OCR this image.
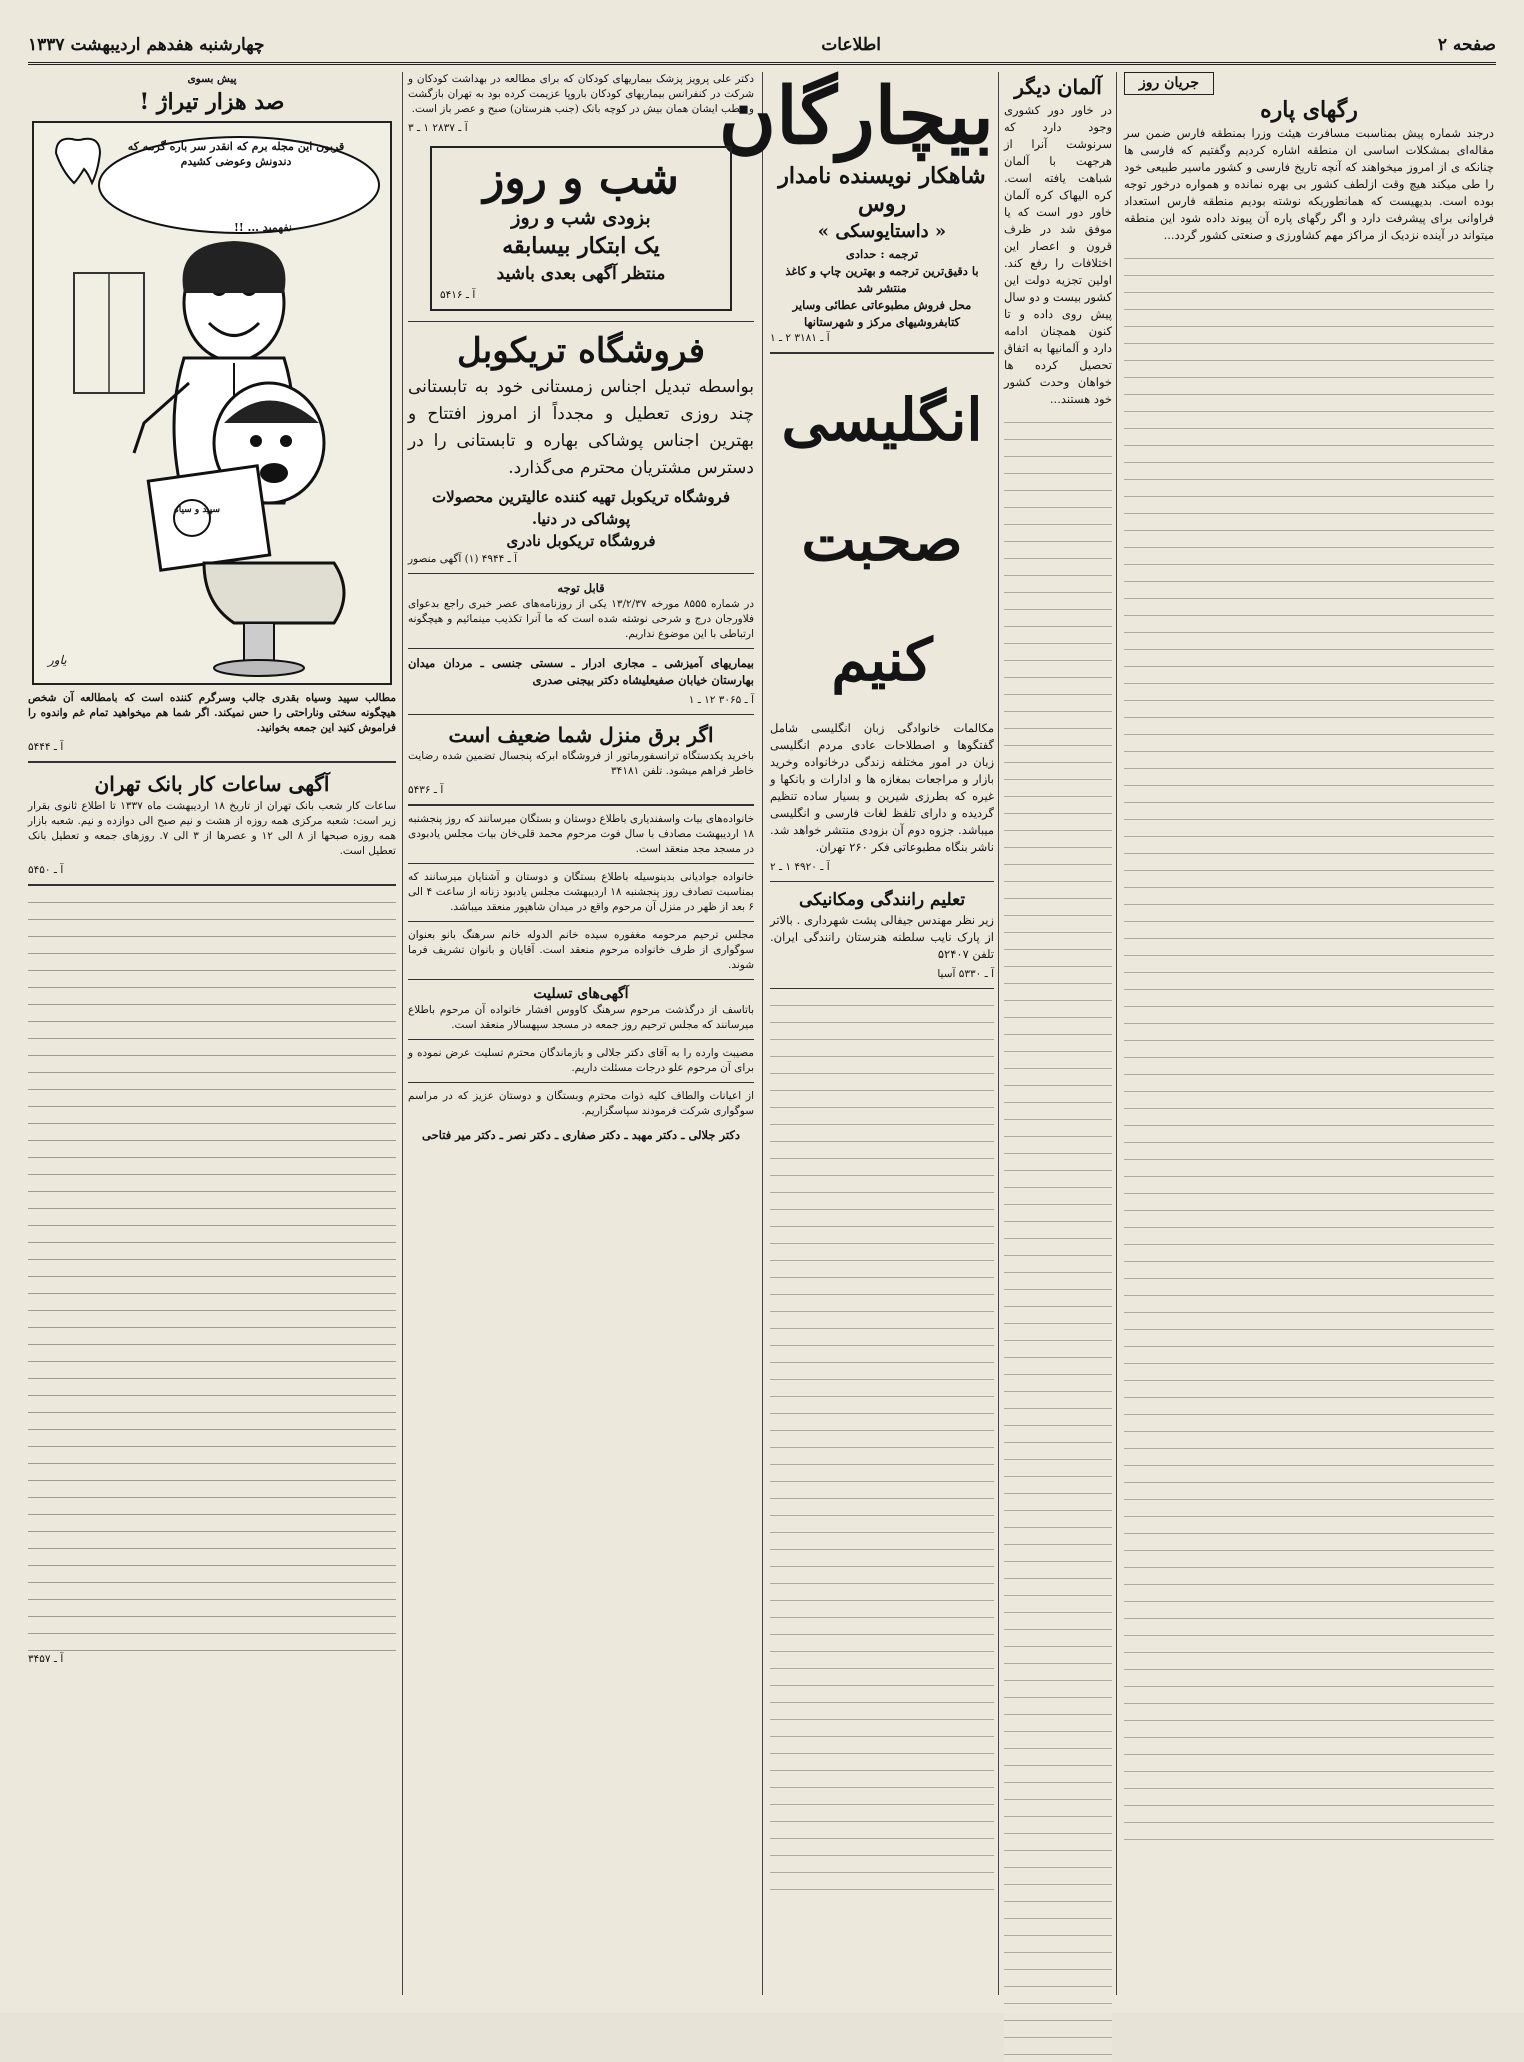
صفحه ۲
اطلاعات
چهارشنبه هفدهم اردیبهشت ۱۳۳۷
جریان روز
رگهای پاره

درجند شماره پیش بمناسبت مسافرت هیئت وزرا بمنطقه فارس ضمن سر مقاله‌ای بمشکلات اساسی ان منطقه اشاره کردیم وگفتیم که فارسی ها چنانکه ی از امروز میخواهند که آنچه تاریخ فارسی و کشور ماسیر طبیعی خود را طی میکند هیچ وقت ازلطف کشور بی بهره نمانده و همواره درخور توجه بوده است. بدیهیست که همانطوریکه نوشته بودیم منطقه فارس استعداد فراوانی برای پیشرفت دارد و اگر رگهای پاره آن پیوند داده شود این منطقه میتواند در آینده نزدیک از مراکز مهم کشاورزی و صنعتی کشور گردد...

آلمان دیگر

در خاور دور کشوری وجود دارد که سرنوشت آنرا از هرجهت با آلمان شباهت یافته است. کره الیهاک کره آلمان خاور دور است که یا موفق شد در ظرف قرون و اعصار این اختلافات را رفع کند. اولین تجزیه دولت این کشور بیست و دو سال پیش روی داده و تا کنون همچنان ادامه دارد و آلمانیها به اتفاق تحصیل کرده ها خواهان وحدت کشور خود هستند...

بیچارگان
شاهکار نویسنده نامدار روس
« داستایوسکی »
ترجمه : حدادی
با دقیق‌ترین ترجمه و بهترین چاپ و کاغذ منتشر شد
محل فروش مطبوعاتی عطائی وسایر کتابفروشیهای مرکز و شهرستانها
آ ـ ۳۱۸۱ ۲ ـ ۱
انگلیسی صحبت کنیم

مکالمات خانوادگی زبان انگلیسی شامل گفتگوها و اصطلاحات عادی مردم انگلیسی زبان در امور مختلفه زندگی درخانواده وخرید بازار و مراجعات بمغازه ها و ادارات و بانکها و غیره که بطرزی شیرین و بسیار ساده تنظیم گردیده و دارای تلفظ لغات فارسی و انگلیسی میباشد. جزوه دوم آن بزودی منتشر خواهد شد. ناشر بنگاه مطبوعاتی فکر ۲۶۰ تهران.

آ ـ ۴۹۲۰ ۱ ـ ۲
تعلیم رانندگی ومکانیکی

زیر نظر مهندس جیفالی پشت شهرداری . بالاتر از پارک نایب سلطنه هنرستان رانندگی ایران. تلفن ۵۲۴۰۷

آ ـ ۵۳۳۰ آسیا

دکتر علی پرویز پزشک بیماریهای کودکان که برای مطالعه در بهداشت کودکان و شرکت در کنفرانس بیماریهای کودکان باروپا عزیمت کرده بود به تهران بازگشت و مطب ایشان همان بیش در کوچه بانک (جنب هنرستان) صبح و عصر باز است.

آ ـ ۲۸۳۷ ۱ ـ ۳
شب و روز
بزودی شب و روز
یک ابتکار بیسابقه
منتظر آگهی بعدی باشید
آ ـ ۵۴۱۶
فروشگاه تریکوبل

بواسطه تبدیل اجناس زمستانی خود به تابستانی چند روزی تعطیل و مجدداً از امروز افتتاح و بهترین اجناس پوشاکی بهاره و تابستانی را در دسترس مشتریان محترم می‌گذارد.

فروشگاه تریکوبل تهیه کننده عالیترین محصولات پوشاکی در دنیا.
فروشگاه تریکوبل نادری
آ ـ ۴۹۴۴ (۱) آگهی منصور
قابل توجه

در شماره ۸۵۵۵ مورخه ۱۳/۲/۳۷ یکی از روزنامه‌های عصر خبری راجع بدعوای فلاورجان درج و شرحی نوشته شده است که ما آنرا تکذیب مینمائیم و هیچگونه ارتباطی با این موضوع نداریم.

بیماریهای آمیزشی ـ مجاری ادرار ـ سستی جنسی ـ مردان میدان بهارستان خیابان صفیعلیشاه دکتر بیجنی صدری

آ ـ ۳۰۶۵ ۱۲ ـ ۱
اگر برق منزل شما ضعیف است

باخرید یکدستگاه ترانسفورماتور از فروشگاه ابرکه پنجسال تضمین شده رضایت خاطر فراهم میشود. تلفن ۳۴۱۸۱

آ ـ ۵۴۳۶

خانواده‌های بیات واسفندیاری باطلاع دوستان و بستگان میرسانند که روز پنجشنبه ۱۸ اردیبهشت مصادف با سال فوت مرحوم محمد قلی‌خان بیات مجلس یادبودی در مسجد مجد منعقد است.

خانواده جوادیانی بدینوسیله باطلاع بستگان و دوستان و آشنایان میرسانند که بمناسبت تصادف روز پنجشنبه ۱۸ اردیبهشت مجلس یادبود زنانه از ساعت ۴ الی ۶ بعد از ظهر در منزل آن مرحوم واقع در میدان شاهپور منعقد میباشد.

مجلس ترحیم مرحومه مغفوره سیده خانم الدوله خانم سرهنگ بانو بعنوان سوگواری از طرف خانواده مرحوم منعقد است. آقایان و بانوان تشریف فرما شوند.

آگهی‌های تسلیت

باتاسف از درگذشت مرحوم سرهنگ کاووس افشار خانواده آن مرحوم باطلاع میرسانند که مجلس ترحیم روز جمعه در مسجد سپهسالار منعقد است.

مصیبت وارده را به آقای دکتر جلالی و بازماندگان محترم تسلیت عرض نموده و برای آن مرحوم علو درجات مسئلت داریم.

از اعیانات والطاف کلیه ذوات محترم وبستگان و دوستان عزیز که در مراسم سوگواری شرکت فرمودند سپاسگزاریم.

دکتر جلالی ـ دکتر مهبد ـ دکتر صفاری ـ دکتر نصر ـ دکتر میر فتاحی
پیش بسوی
صد هزار تیراژ !
قربون این مجله برم که انقدر سر باره گرمه که دندونش وعوضی کشیدم
نفهمید ... !!
سپید و سیاه
یاور

مطالب سپید وسیاه بقدری جالب وسرگرم کننده است که بامطالعه آن شخص هیچگونه سختی وناراحتی را حس نمیکند. اگر شما هم میخواهید تمام غم واندوه را فراموش کنید این جمعه بخوانید.

آ ـ ۵۴۴۴
آگهی ساعات کار بانک تهران

ساعات کار شعب بانک تهران از تاریخ ۱۸ اردیبهشت ماه ۱۳۳۷ تا اطلاع ثانوی بقرار زیر است: شعبه مرکزی همه روزه از هشت و نیم صبح الی دوازده و نیم. شعبه بازار همه روزه صبحها از ۸ الی ۱۲ و عصرها از ۳ الی ۷. روزهای جمعه و تعطیل بانک تعطیل است.

آ ـ ۵۴۵۰
آ ـ ۳۴۵۷
